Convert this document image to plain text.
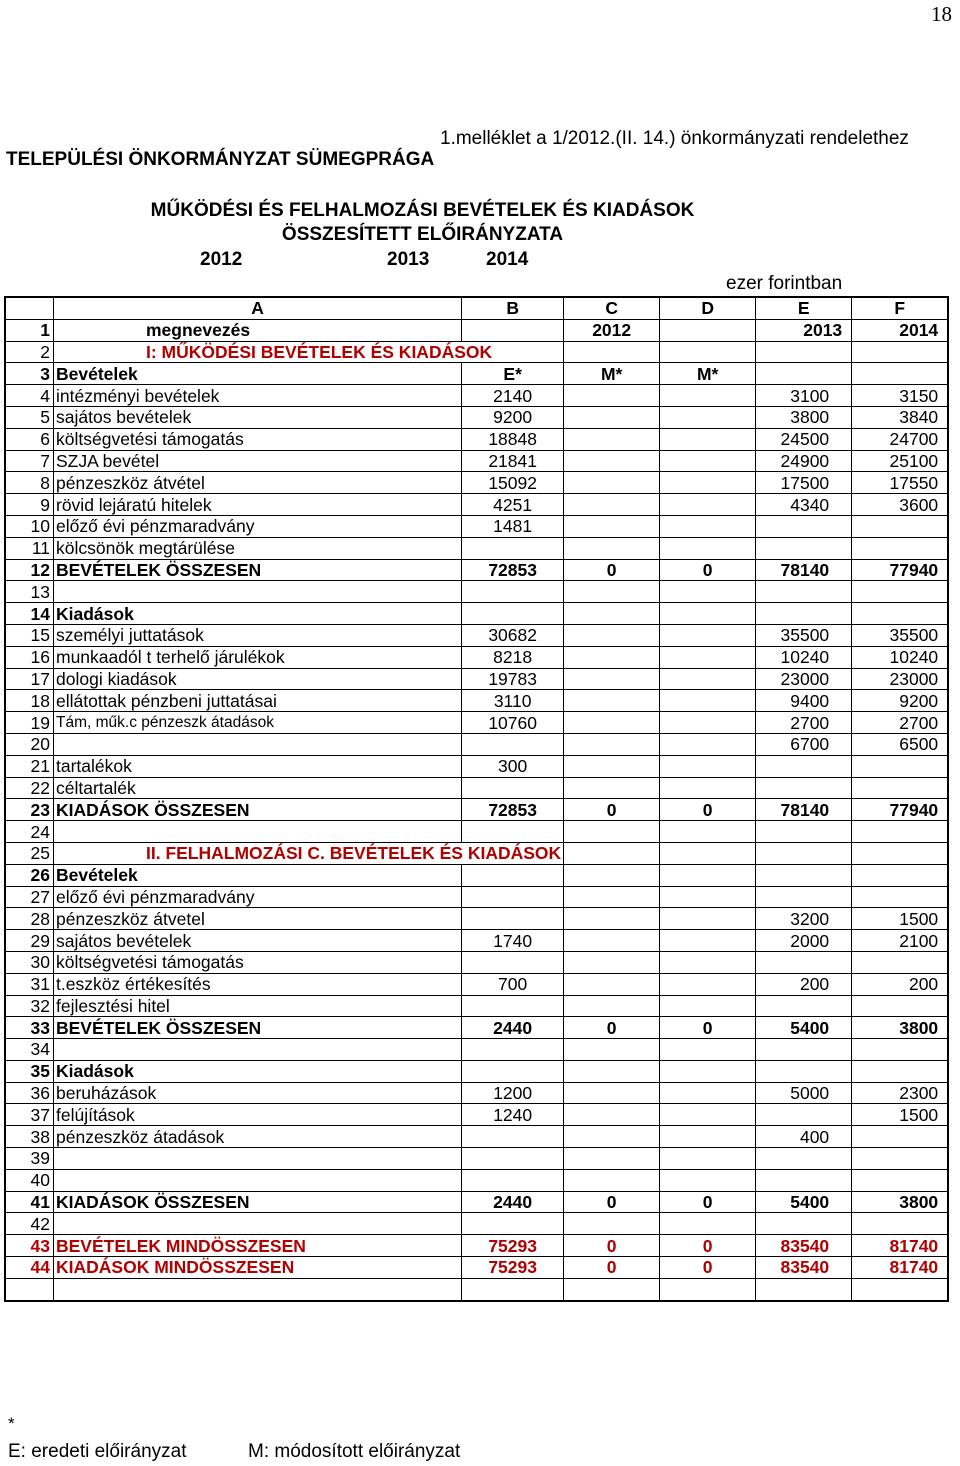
18
1.melléklet a 1/2012.(II. 14.) önkormányzati rendelethez
TELEPÜLÉSI ÖNKORMÁNYZAT SÜMEGPRÁGA
MŰKÖDÉSI ÉS FELHALMOZÁSI BEVÉTELEK ÉS KIADÁSOK
ÖSSZESÍTETT ELŐIRÁNYZATA
2012	2013	2014
ezer forintban
	A	B	C	D	E	F
1	megnevezés		2012		2013	2014
2	I: MŰKÖDÉSI BEVÉTELEK ÉS KIADÁSOK					
3	Bevételek	E*	M*	M*		
4	intézményi bevételek	2140			3100	3150
5	sajátos bevételek	9200			3800	3840
6	költségvetési támogatás	18848			24500	24700
7	SZJA bevétel	21841			24900	25100
8	pénzeszköz átvétel	15092			17500	17550
9	rövid lejáratú hitelek	4251			4340	3600
10	előző évi pénzmaradvány	1481				
11	kölcsönök megtárülése					
12	BEVÉTELEK ÖSSZESEN	72853	0	0	78140	77940
13						
14	Kiadások					
15	személyi juttatások	30682			35500	35500
16	munkaadól t terhelő járulékok	8218			10240	10240
17	dologi kiadások	19783			23000	23000
18	ellátottak pénzbeni juttatásai	3110			9400	9200
19	Tám, műk.c pénzeszk átadások	10760			2700	2700
20					6700	6500
21	tartalékok	300				
22	céltartalék					
23	KIADÁSOK ÖSSZESEN	72853	0	0	78140	77940
24						
25	II. FELHALMOZÁSI C. BEVÉTELEK ÉS KIADÁSOK					
26	Bevételek					
27	előző évi pénzmaradvány					
28	pénzeszköz átvetel				3200	1500
29	sajátos bevételek	1740			2000	2100
30	költségvetési támogatás					
31	t.eszköz értékesítés	700			200	200
32	fejlesztési hitel					
33	BEVÉTELEK ÖSSZESEN	2440	0	0	5400	3800
34						
35	Kiadások					
36	beruházások	1200			5000	2300
37	felújítások	1240				1500
38	pénzeszköz átadások				400	
39						
40						
41	KIADÁSOK ÖSSZESEN	2440	0	0	5400	3800
42						
43	BEVÉTELEK MINDÖSSZESEN	75293	0	0	83540	81740
44	KIADÁSOK MINDÖSSZESEN	75293	0	0	83540	81740

*
E: eredeti előirányzat	M: módosított előirányzat
